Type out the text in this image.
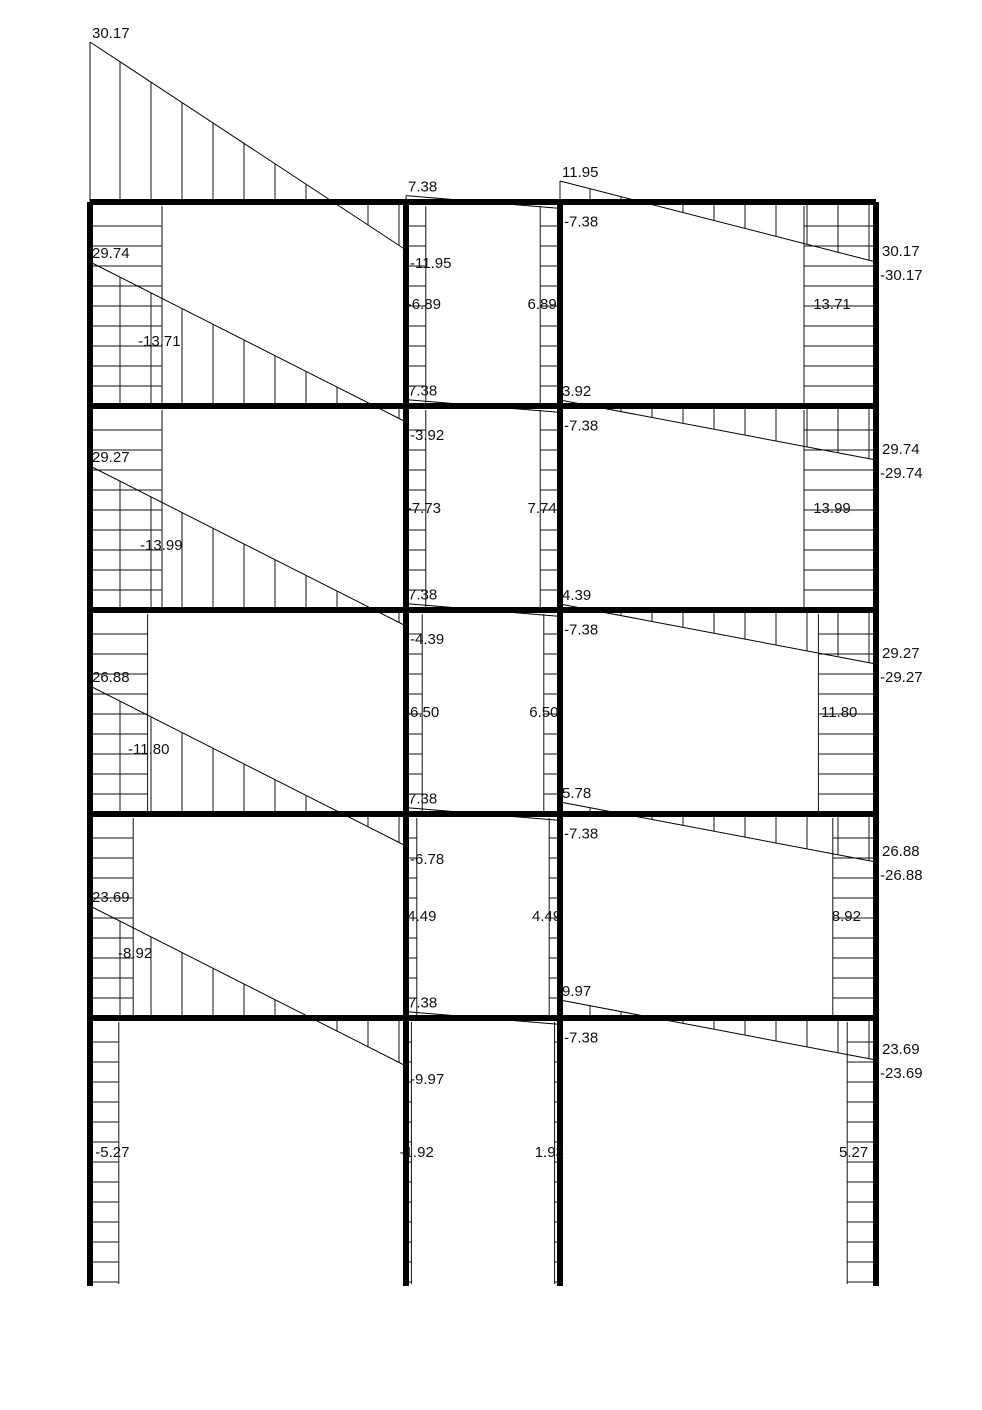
-5.27
-6.89
-7.73
-6.50
-4.49
-1.92
6.89
7.74
6.50
4.49
1.93
13.71
13.99
11.80
8.92
5.27
30.17
-11.95
-13.71
7.38
-7.38
11.95
-30.17
30.17
29.74
-3.92
7.38
-7.38
3.92
-29.74
29.74
29.27
-4.39
7.38
-7.38
4.39
-29.27
29.27
26.88
-6.78
7.38
-7.38
5.78
-26.88
26.88
23.69
-9.97
7.38
-7.38
9.97
-23.69
23.69
-13.99
-11.80
-8.92
